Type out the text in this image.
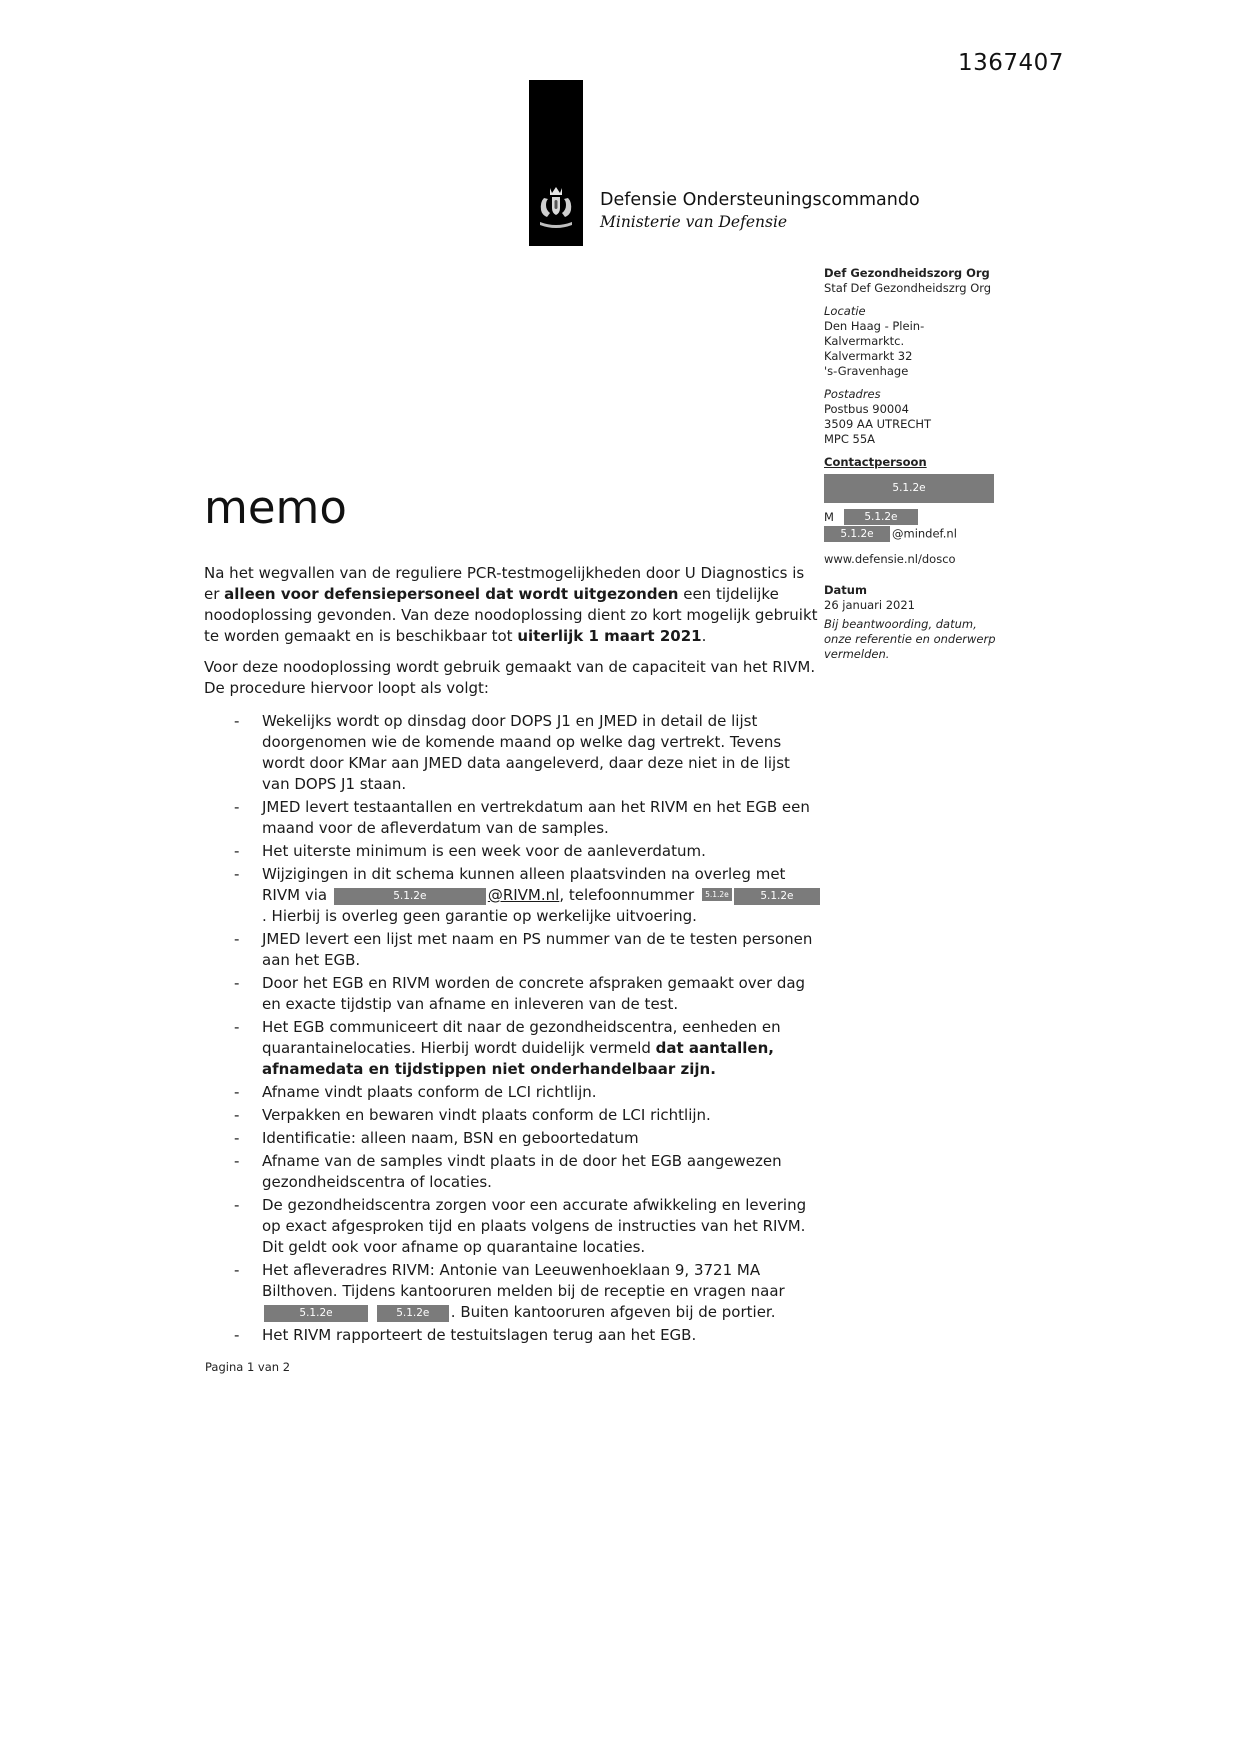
1367407
Defensie Ondersteuningscommando
Ministerie van Defensie
Def Gezondheidszorg Org
Staf Def Gezondheidszrg Org
Locatie
Den Haag - Plein-
Kalvermarktc.
Kalvermarkt 32
's-Gravenhage
Postadres
Postbus 90004
3509 AA UTRECHT
MPC 55A
Contactpersoon
5.1.2e
M	5.1.2e
5.1.2e @mindef.nl
www.defensie.nl/dosco
Datum
26 januari 2021
Bij beantwoording, datum, onze referentie en onderwerp vermelden.
memo

Na het wegvallen van de reguliere PCR-testmogelijkheden door U Diagnostics is er alleen voor defensiepersoneel dat wordt uitgezonden een tijdelijke noodoplossing gevonden. Van deze noodoplossing dient zo kort mogelijk gebruikt te worden gemaakt en is beschikbaar tot uiterlijk 1 maart 2021.

Voor deze noodoplossing wordt gebruik gemaakt van de capaciteit van het RIVM. De procedure hiervoor loopt als volgt:

-	Wekelijks wordt op dinsdag door DOPS J1 en JMED in detail de lijst doorgenomen wie de komende maand op welke dag vertrekt. Tevens wordt door KMar aan JMED data aangeleverd, daar deze niet in de lijst van DOPS J1 staan.
-	JMED levert testaantallen en vertrekdatum aan het RIVM en het EGB een maand voor de afleverdatum van de samples.
-	Het uiterste minimum is een week voor de aanleverdatum.
-	Wijzigingen in dit schema kunnen alleen plaatsvinden na overleg met RIVM via	5.1.2e	@RIVM.nl, telefoonnummer 5.1.2e	5.1.2e. Hierbij is overleg geen garantie op werkelijke uitvoering.
-	JMED levert een lijst met naam en PS nummer van de te testen personen aan het EGB.
-	Door het EGB en RIVM worden de concrete afspraken gemaakt over dag en exacte tijdstip van afname en inleveren van de test.
-	Het EGB communiceert dit naar de gezondheidscentra, eenheden en quarantainelocaties. Hierbij wordt duidelijk vermeld dat aantallen, afnamedata en tijdstippen niet onderhandelbaar zijn.
-	Afname vindt plaats conform de LCI richtlijn.
-	Verpakken en bewaren vindt plaats conform de LCI richtlijn.
-	Identificatie: alleen naam, BSN en geboortedatum
-	Afname van de samples vindt plaats in de door het EGB aangewezen gezondheidscentra of locaties.
-	De gezondheidscentra zorgen voor een accurate afwikkeling en levering op exact afgesproken tijd en plaats volgens de instructies van het RIVM. Dit geldt ook voor afname op quarantaine locaties.
-	Het afleveradres RIVM: Antonie van Leeuwenhoeklaan 9, 3721 MA Bilthoven. Tijdens kantooruren melden bij de receptie en vragen naar 5.1.2e	5.1.2e . Buiten kantooruren afgeven bij de portier.
-	Het RIVM rapporteert de testuitslagen terug aan het EGB.
Pagina 1 van 2
